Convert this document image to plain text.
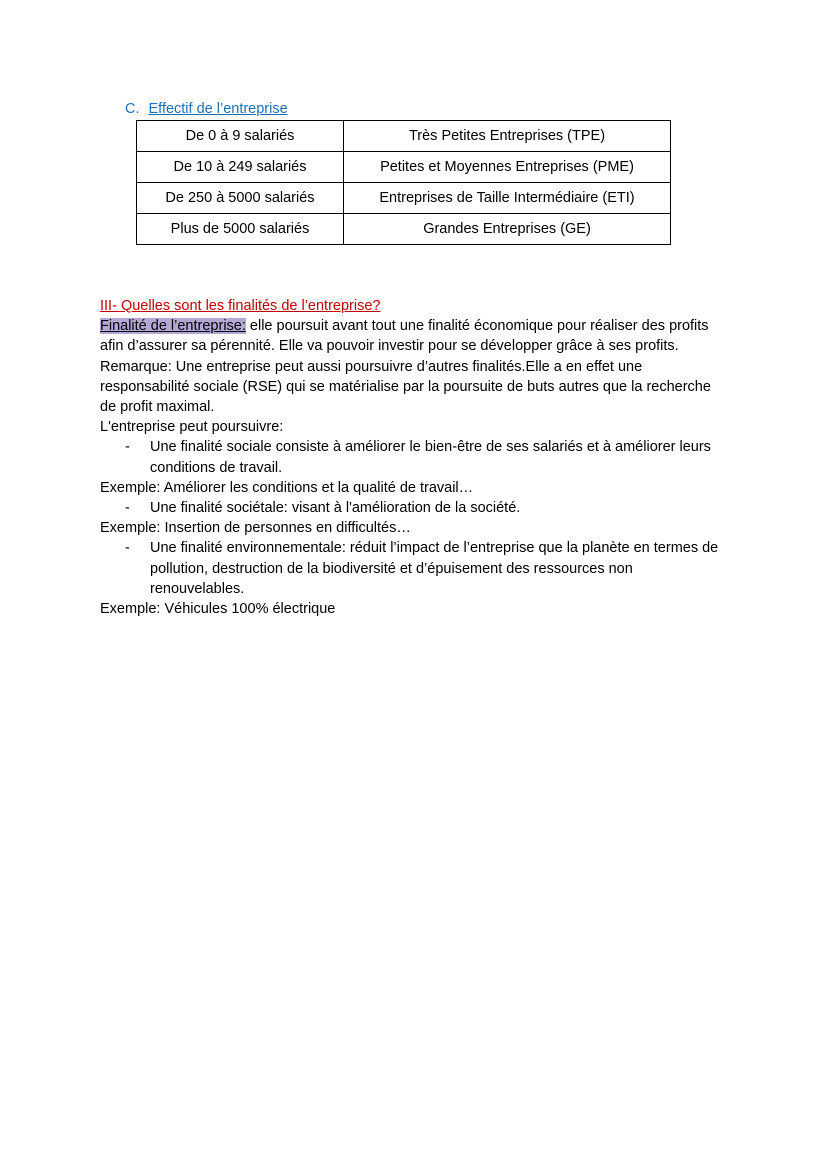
C. Effectif de l’entreprise
De 0 à 9 salariés	Très Petites Entreprises (TPE)
De 10 à 249 salariés	Petites et Moyennes Entreprises (PME)
De 250 à 5000 salariés	Entreprises de Taille Intermédiaire (ETI)
Plus de 5000 salariés	Grandes Entreprises (GE)

III- Quelles sont les finalités de l’entreprise?

Finalité de l’entreprise: elle poursuit avant tout une finalité économique pour réaliser des profits afin d’assurer sa pérennité. Elle va pouvoir investir pour se développer grâce à ses profits.

Remarque: Une entreprise peut aussi poursuivre d’autres finalités.Elle a en effet une responsabilité sociale (RSE) qui se matérialise par la poursuite de buts autres que la recherche de profit maximal.

L'entreprise peut poursuivre:

- Une finalité sociale consiste à améliorer le bien-être de ses salariés et à améliorer leurs conditions de travail.

Exemple: Améliorer les conditions et la qualité de travail…

- Une finalité sociétale: visant à l'amélioration de la société.

Exemple: Insertion de personnes en difficultés…

- Une finalité environnementale: réduit l’impact de l’entreprise que la planète en termes de pollution, destruction de la biodiversité et d’épuisement des ressources non renouvelables.

Exemple: Véhicules 100% électrique
